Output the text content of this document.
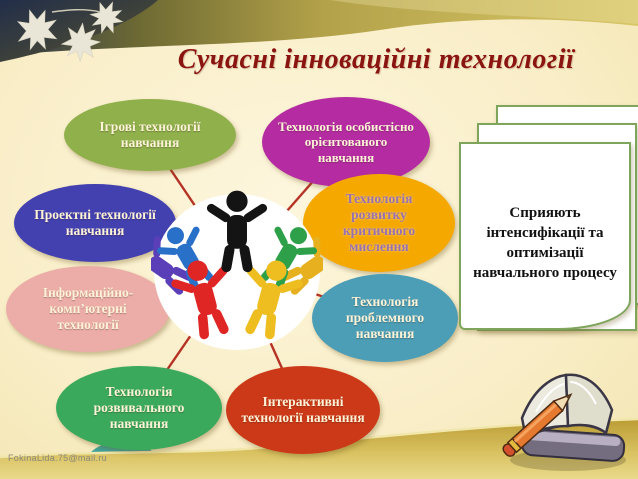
Ігрові технології навчання
Технологія особистісно орієнтованого навчання
Проектні технології навчання
Технологія розвитку критичного мислення
Інформаційно-комп’ютерні технології
Технологія проблемного навчання
Технологія розвивального навчання
Інтерактивні технології навчання
Сприяють інтенсифікації та оптимізації навчального процесу
Сучасні інноваційні технології
FokinaLida.75@mail.ru
